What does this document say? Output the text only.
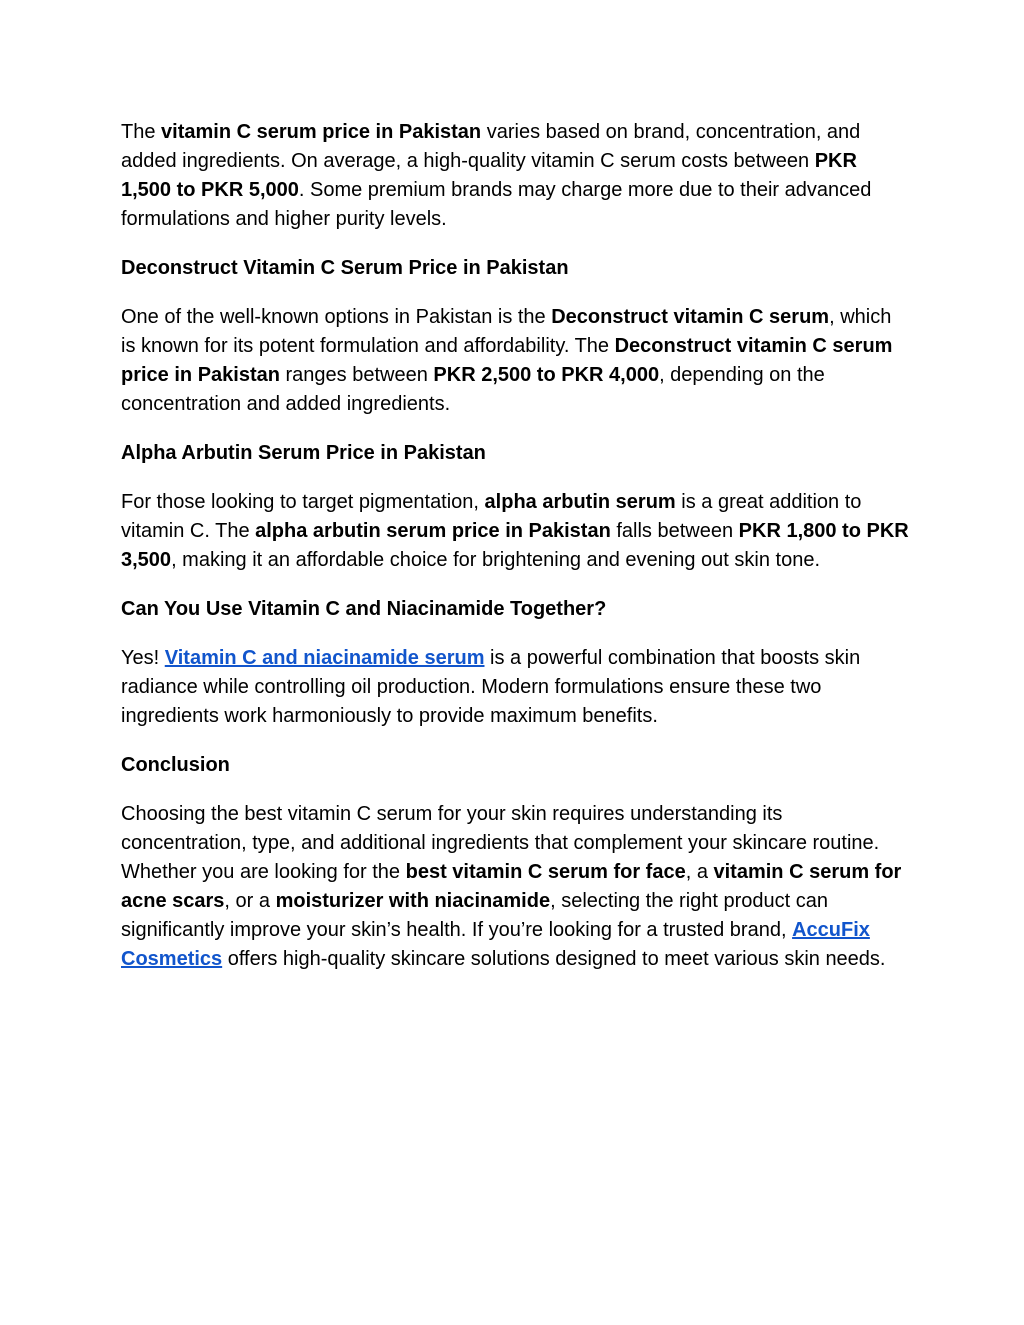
The vitamin C serum price in Pakistan varies based on brand, concentration, and added ingredients. On average, a high-quality vitamin C serum costs between PKR 1,500 to PKR 5,000. Some premium brands may charge more due to their advanced formulations and higher purity levels.

Deconstruct Vitamin C Serum Price in Pakistan

One of the well-known options in Pakistan is the Deconstruct vitamin C serum, which is known for its potent formulation and affordability. The Deconstruct vitamin C serum price in Pakistan ranges between PKR 2,500 to PKR 4,000, depending on the concentration and added ingredients.

Alpha Arbutin Serum Price in Pakistan

For those looking to target pigmentation, alpha arbutin serum is a great addition to vitamin C. The alpha arbutin serum price in Pakistan falls between PKR 1,800 to PKR 3,500, making it an affordable choice for brightening and evening out skin tone.

Can You Use Vitamin C and Niacinamide Together?

Yes! Vitamin C and niacinamide serum is a powerful combination that boosts skin radiance while controlling oil production. Modern formulations ensure these two ingredients work harmoniously to provide maximum benefits.

Conclusion

Choosing the best vitamin C serum for your skin requires understanding its concentration, type, and additional ingredients that complement your skincare routine. Whether you are looking for the best vitamin C serum for face, a vitamin C serum for acne scars, or a moisturizer with niacinamide, selecting the right product can significantly improve your skin’s health. If you’re looking for a trusted brand, AccuFix Cosmetics offers high-quality skincare solutions designed to meet various skin needs.
